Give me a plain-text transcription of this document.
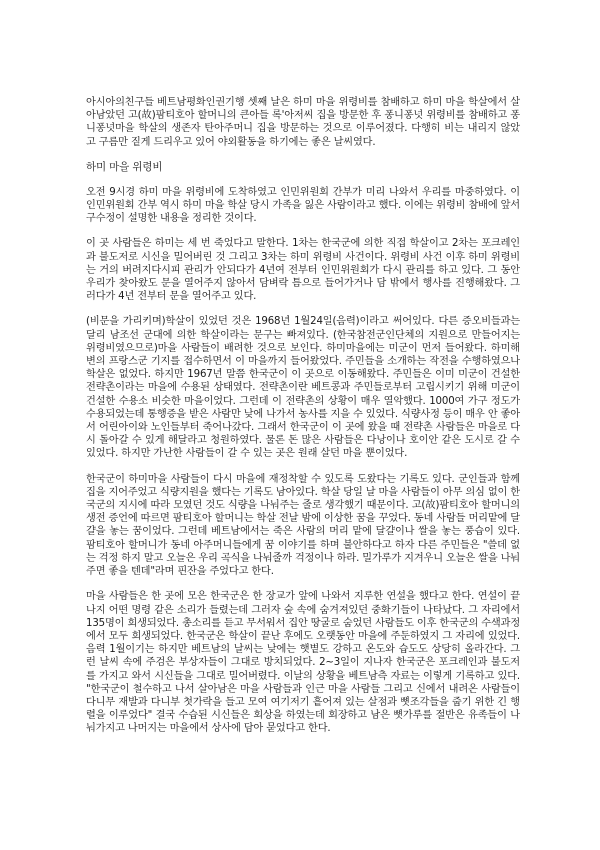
아시아의친구들 베트남평화인권기행 셋째 날은 하미 마을 위령비를 참배하고 하미 마을 학살에서 살아남았던 고(故)팜티호아 할머니의 큰아들 록'아저씨 집을 방문한 후 퐁니퐁넛 위령비를 참배하고 퐁니퐁넛마을 학살의 생존자 탄아주머니 집을 방문하는 것으로 이루어졌다. 다행히 비는 내리지 않았고 구름만 짙게 드리우고 있어 야외활동을 하기에는 좋은 날씨였다.

하미 마을 위령비

오전 9시경 하미 마을 위령비에 도착하였고 인민위원회 간부가 미리 나와서 우리를 마중하였다. 이 인민위원회 간부 역시 하미 마을 학살 당시 가족을 잃은 사람이라고 했다. 이에는 위령비 참배에 앞서 구수정이 설명한 내용을 정리한 것이다.

이 곳 사람들은 하미는 세 번 죽었다고 말한다. 1차는 한국군에 의한 직접 학살이고 2차는 포크레인과 불도저로 시신을 밀어버린 것 그리고 3차는 하미 위령비 사건이다. 위령비 사건 이후 하미 위령비는 거의 버려지다시피 관리가 안되다가 4년여 전부터 인민위원회가 다시 관리를 하고 있다. 그 동안 우리가 찾아왔도 문을 열어주지 않아서 담벼락 틈으로 들어가거나 담 밖에서 행사를 진행해왔다. 그러다가 4년 전부터 문을 열어주고 있다.

(비문을 가리키며)학살이 있었던 것은 1968년 1월24일(음력)이라고 써어있다. 다른 증오비들과는 달리 남조선 군대에 의한 학살이라는 문구는 빠져있다. (한국참전군인단체의 지원으로 만들어지는 위령비였으므로)마을 사람들이 배려한 것으로 보인다. 하미마을에는 미군이 먼저 들어왔다. 하미해변의 프랑스군 기지를 접수하면서 이 마을까지 들어왔었다. 주민들을 소개하는 작전을 수행하였으나 학살은 없었다. 하지만 1967년 말쯤 한국군이 이 곳으로 이동해왔다. 주민들은 이미 미군이 건설한 전략촌이라는 마을에 수용된 상태였다. 전략촌이란 베트콩과 주민들로부터 고립시키기 위해 미군이 건설한 수용소 비슷한 마을이었다. 그런데 이 전략촌의 상황이 매우 열악했다. 1000여 가구 정도가 수용되었는데 통행증을 받은 사람만 낮에 나가서 농사를 지을 수 있었다. 식량사정 등이 매우 안 좋아서 어린아이와 노인들부터 죽어나갔다. 그래서 한국군이 이 곳에 왔을 때 전략촌 사람들은 마을로 다시 돌아갈 수 있게 해달라고 청원하였다. 물론 돈 많은 사람들은 다낭이나 호이안 같은 도시로 갈 수 있었다. 하지만 가난한 사람들이 갈 수 있는 곳은 원래 살던 마을 뿐이었다.

한국군이 하미마을 사람들이 다시 마을에 재정착할 수 있도록 도왔다는 기록도 있다. 군인들과 함께 집을 지어주었고 식량지원을 했다는 기록도 남아있다. 학살 당일 날 마을 사람들이 아무 의심 없이 한국군의 지시에 따라 모였던 것도 식량을 나눠주는 줄로 생각했기 때문이다. 고(故)팜티호아 할머니의 생전 증언에 따르면 팜티호아 할머니는 학살 전날 밤에 이상한 꿈을 꾸었다. 동네 사람들 머리맡에 달걀을 놓는 꿈이었다. 그런데 베트남에서는 죽은 사람의 머리 맡에 달걀이나 쌀을 놓는 풍습이 있다. 팜티호아 할머니가 동네 아주머니들에게 꿈 이야기를 하며 불안하다고 하자 다른 주민들은 "쓸데 없는 걱정 하지 말고 오늘은 우리 곡식을 나눠줄까 걱정이나 하라. 밀가루가 지겨우니 오늘은 쌀을 나눠주면 좋을 텐데"라며 핀잔을 주었다고 한다.

마을 사람들은 한 곳에 모은 한국군은 한 장교가 앞에 나와서 지루한 연설을 했다고 한다. 연설이 끝나지 어떤 명령 같은 소리가 들렸는데 그러자 숲 속에 숨겨져있던 중화기들이 나타났다. 그 자리에서 135명이 희생되었다. 총소리를 듣고 무서워서 집안 땅굴로 숨었던 사람들도 이후 한국군의 수색과정에서 모두 희생되었다. 한국군은 학살이 끝난 후에도 오랫동안 마을에 주둔하였지 그 자리에 있었다. 음력 1월이기는 하지만 베트남의 날씨는 낮에는 햇볕도 강하고 온도와 습도도 상당히 올라간다. 그런 날씨 속에 주검은 부상자들이 그대로 방치되었다. 2~3일이 지나자 한국군은 포크레인과 불도저를 가지고 와서 시신들을 그대로 밀어버렸다. 이날의 상황을 베트남측 자료는 이렇게 기록하고 있다. "한국군이 철수하고 나서 살아남은 마을 사람들과 인근 마을 사람들 그리고 신에서 내려온 사람들이 다니무 재발과 다니부 첫가락을 들고 모여 여기저기 흩어져 있는 살점과 뼛조각들을 줍기 위한 긴 행렬을 이루었다" 결국 수습된 시신들은 회상을 하였는데 회장하고 남은 뼛가루를 절반은 유족들이 나눠가지고 나머지는 마을에서 상사에 담아 묻었다고 한다.
